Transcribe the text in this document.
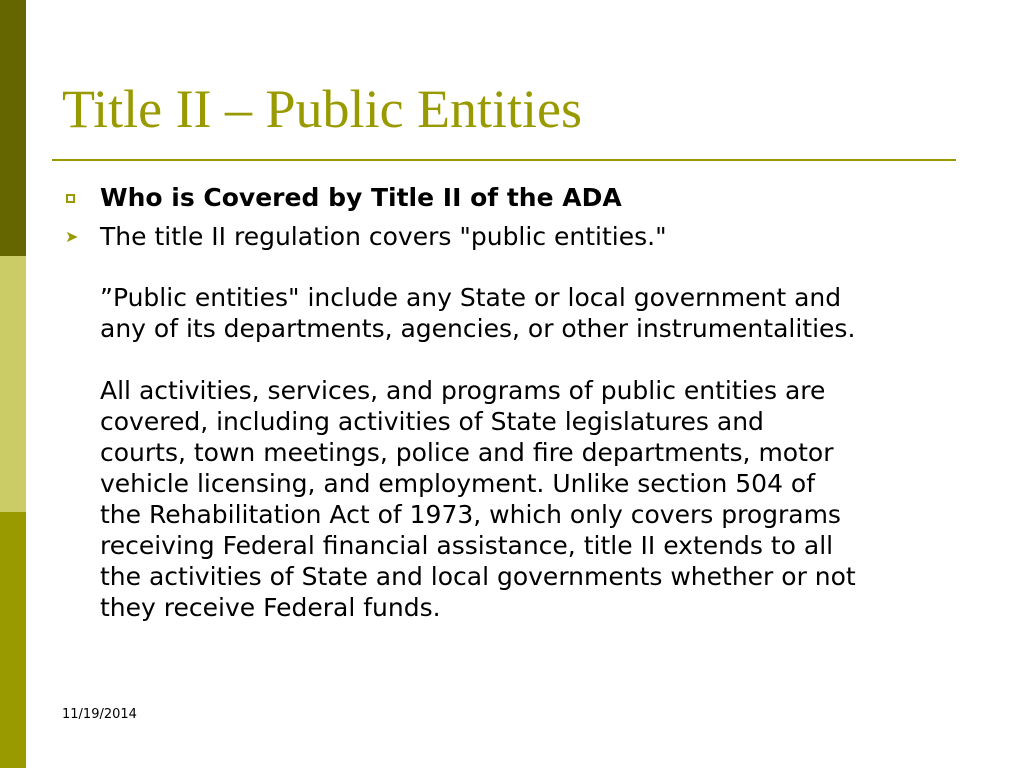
Title II – Public Entities
Who is Covered by Title II of the ADA
➤ The title II regulation covers "public entities."

”Public entities" include any State or local government and
any of its departments, agencies, or other instrumentalities.

All activities, services, and programs of public entities are
covered, including activities of State legislatures and
courts, town meetings, police and fire departments, motor
vehicle licensing, and employment. Unlike section 504 of
the Rehabilitation Act of 1973, which only covers programs
receiving Federal financial assistance, title II extends to all
the activities of State and local governments whether or not
they receive Federal funds.

11/19/2014
